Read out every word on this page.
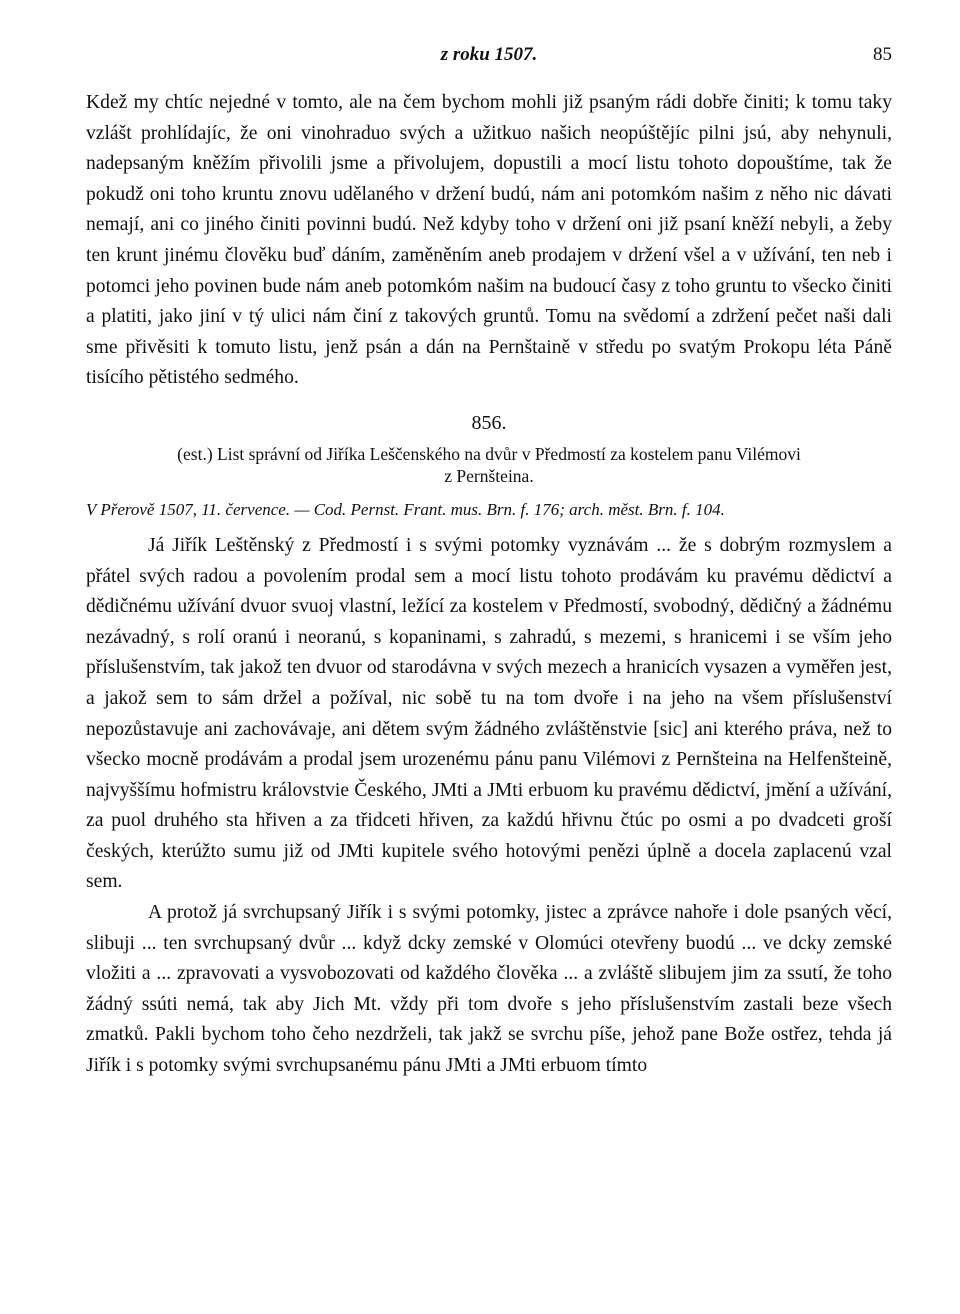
z roku 1507.	85

Kdež my chtíc nejedné v tomto, ale na čem bychom mohli již psaným rádi dobře činiti; k tomu taky vzlášt prohlídajíc, že oni vinohraduo svých a užitkuo našich neopúštějíc pilni jsú, aby nehynuli, nadepsaným kněžím přivolili jsme a přivolujem, dopustili a mocí listu tohoto dopouštíme, tak že pokudž oni toho kruntu znovu udělaného v držení budú, nám ani potomkóm našim z něho nic dávati nemají, ani co jiného činiti povinni budú. Než kdyby toho v držení oni již psaní kněží nebyli, a žeby ten krunt jinému člověku buď dáním, zaměněním aneb prodajem v držení všel a v užívání, ten neb i potomci jeho povinen bude nám aneb potomkóm našim na budoucí časy z toho gruntu to všecko činiti a platiti, jako jiní v tý ulici nám činí z takových gruntů. Tomu na svědomí a zdržení pečet naši dali sme přivěsiti k tomuto listu, jenž psán a dán na Pernštaině v středu po svatým Prokopu léta Páně tisícího pětistého sedmého.

856.

(est.) List správní od Jiříka Leščenského na dvůr v Předmostí za kostelem panu Vilémovi

z Pernšteina.

V Přerově 1507, 11. července. — Cod. Pernst. Frant. mus. Brn. f. 176; arch. měst. Brn. f. 104.

Já Jiřík Leštěnský z Předmostí i s svými potomky vyznávám ... že s dobrým rozmyslem a přátel svých radou a povolením prodal sem a mocí listu tohoto prodávám ku pravému dědictví a dědičnému užívání dvuor svuoj vlastní, ležící za kostelem v Předmostí, svobodný, dědičný a žádnému nezávadný, s rolí oranú i neoranú, s kopaninami, s zahradú, s mezemi, s hranicemi i se vším jeho příslušenstvím, tak jakož ten dvuor od starodávna v svých mezech a hranicích vysazen a vyměřen jest, a jakož sem to sám držel a požíval, nic sobě tu na tom dvoře i na jeho na všem příslušenství nepozůstavuje ani zachovávaje, ani dětem svým žádného zvláštěnstvie [sic] ani kterého práva, než to všecko mocně prodávám a prodal jsem urozenému pánu panu Vilémovi z Pernšteina na Helfenšteině, najvyššímu hofmistru královstvie Českého, JMti a JMti erbuom ku pravému dědictví, jmění a užívání, za puol druhého sta hřiven a za třidceti hřiven, za každú hřivnu čtúc po osmi a po dvadceti groší českých, kterúžto sumu již od JMti kupitele svého hotovými penězi úplně a docela zaplacenú vzal sem.

A protož já svrchupsaný Jiřík i s svými potomky, jistec a zprávce nahoře i dole psaných věcí, slibuji ... ten svrchupsaný dvůr ... když dcky zemské v Olomúci otevřeny buodú ... ve dcky zemské vložiti a ... zpravovati a vysvobozovati od každého člověka ... a zvláště slibujem jim za ssutí, že toho žádný ssúti nemá, tak aby Jich Mt. vždy při tom dvoře s jeho příslušenstvím zastali beze všech zmatků. Pakli bychom toho čeho nezdrželi, tak jakž se svrchu píše, jehož pane Bože ostřez, tehda já Jiřík i s potomky svými svrchupsanému pánu JMti a JMti erbuom tímto
